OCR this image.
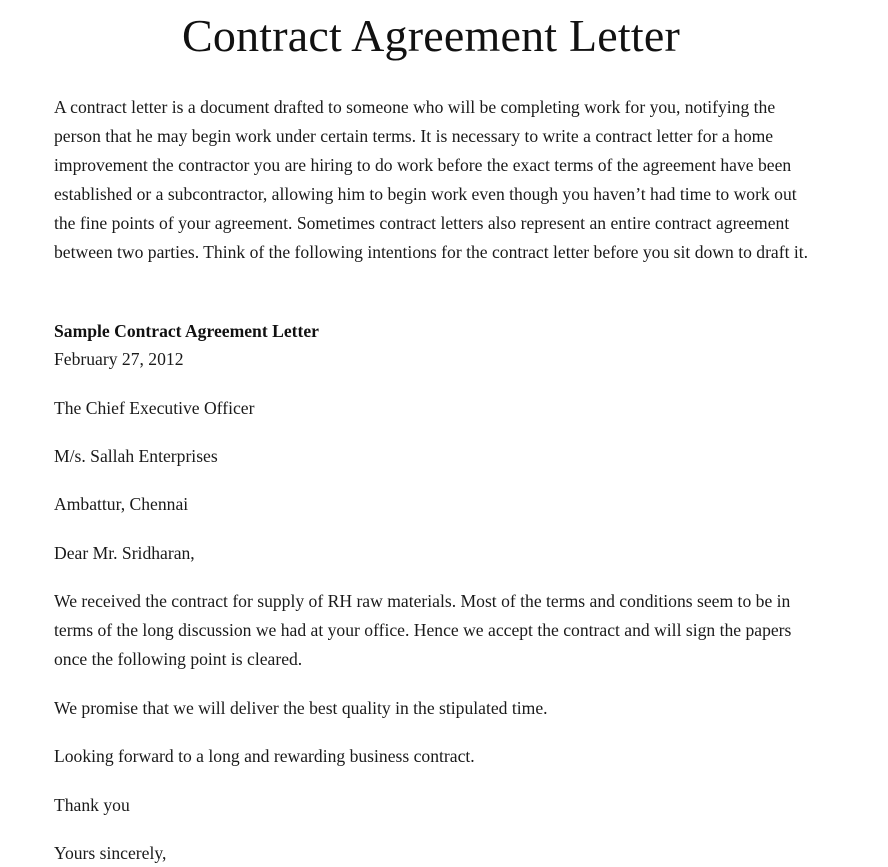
Contract Agreement Letter
A contract letter is a document drafted to someone who will be completing work for you, notifying the person that he may begin work under certain terms. It is necessary to write a contract letter for a home improvement the contractor you are hiring to do work before the exact terms of the agreement have been established or a subcontractor, allowing him to begin work even though you haven’t had time to work out the fine points of your agreement. Sometimes contract letters also represent an entire contract agreement between two parties. Think of the following intentions for the contract letter before you sit down to draft it.
Sample Contract Agreement Letter
February 27, 2012
The Chief Executive Officer
M/s. Sallah Enterprises
Ambattur, Chennai
Dear Mr. Sridharan,
We received the contract for supply of RH raw materials. Most of the terms and conditions seem to be in terms of the long discussion we had at your office. Hence we accept the contract and will sign the papers once the following point is cleared.
We promise that we will deliver the best quality in the stipulated time.
Looking forward to a long and rewarding business contract.
Thank you
Yours sincerely,
